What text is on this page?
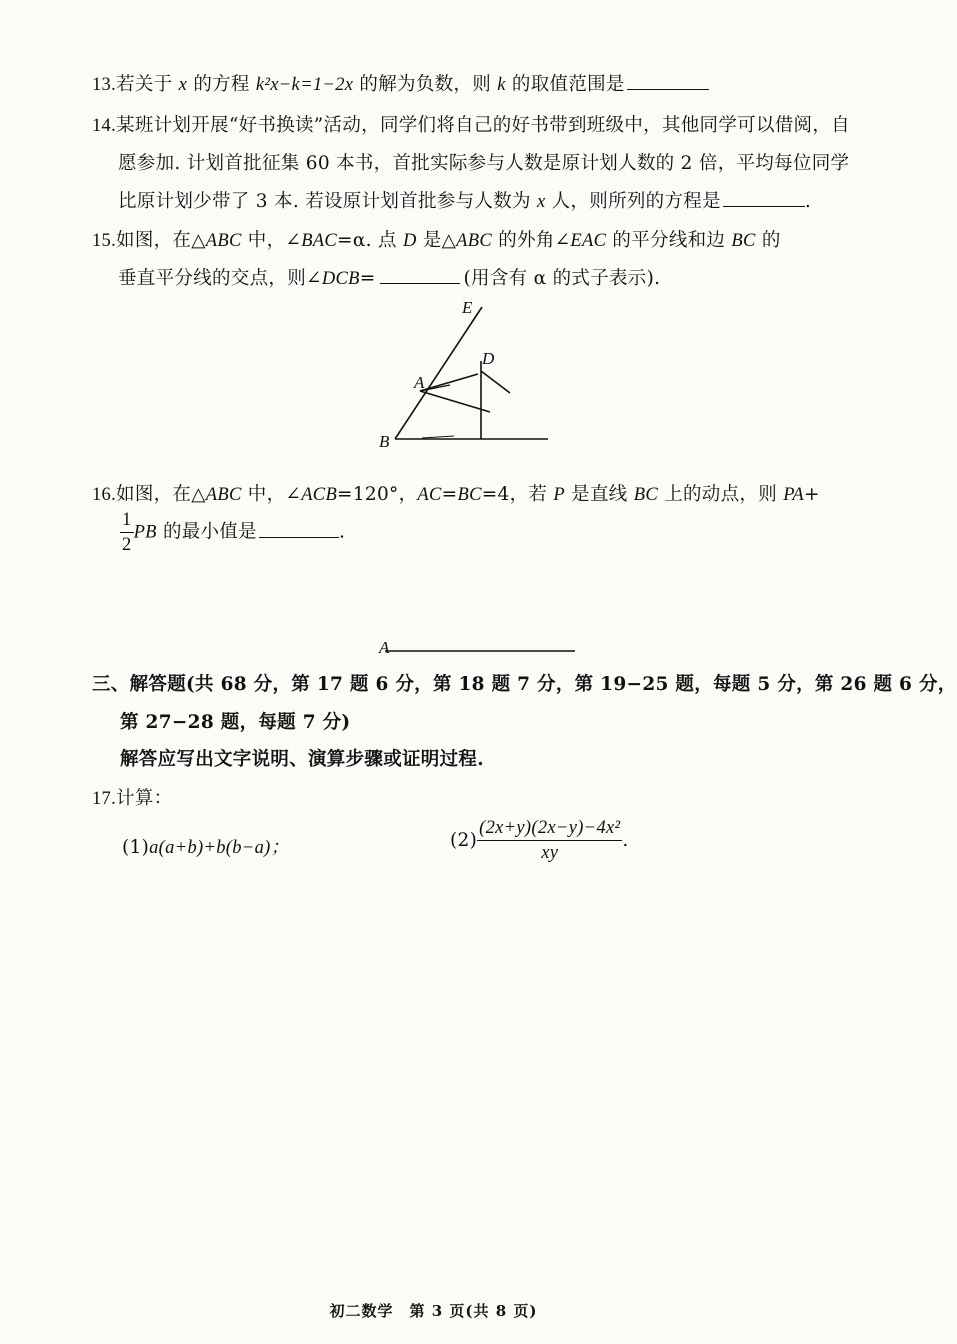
13.若关于 x 的方程 k²x−k=1−2x 的解为负数，则 k 的取值范围是
14.某班计划开展“好书换读”活动，同学们将自己的好书带到班级中，其他同学可以借阅，自
愿参加. 计划首批征集 60 本书，首批实际参与人数是原计划人数的 2 倍，平均每位同学
比原计划少带了 3 本. 若设原计划首批参与人数为 x 人，则所列的方程是	.
15.如图，在△ABC 中，∠BAC=α. 点 D 是△ABC 的外角∠EAC 的平分线和边 BC 的
垂直平分线的交点，则∠DCB=	(用含有 α 的式子表示).
E
D
A
B
16.如图，在△ABC 中，∠ACB=120°，AC=BC=4，若 P 是直线 BC 上的动点，则 PA+
$\frac{1}{2}$ PB 的最小值是	.
A
三、解答题(共 68 分，第 17 题 6 分，第 18 题 7 分，第 19−25 题，每题 5 分，第 26 题 6 分，
第 27−28 题，每题 7 分)
解答应写出文字说明、演算步骤或证明过程.
17.计算：
(1)a(a+b)+b(b−a)；	$(2) \frac{\text{(2x+y)(2x−y)−4x²}}{xy}$ .
初二数学　第 3 页(共 8 页)
